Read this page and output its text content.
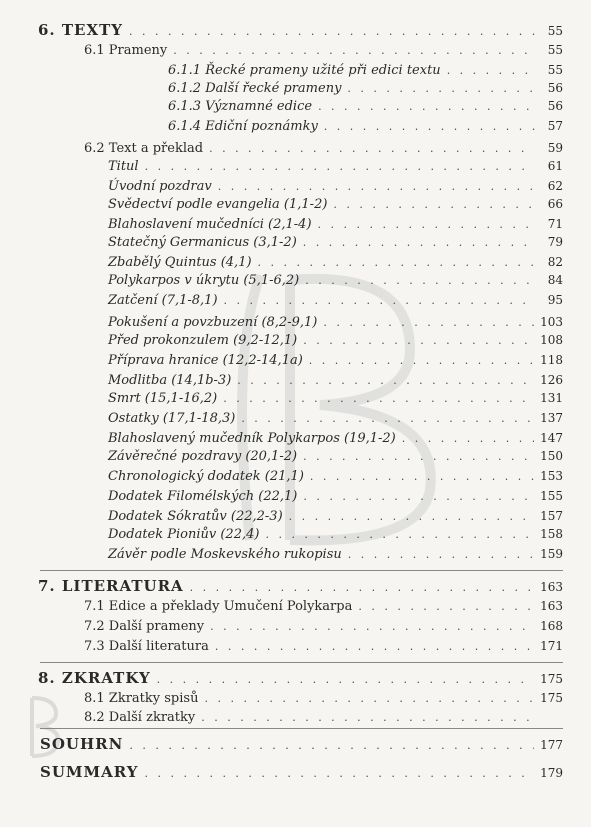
6. TEXTY . . .	55
6.1 Prameny . . .	55
6.1.1 Řecké prameny užité při edici textu . . .	55
6.1.2 Další řecké prameny . . .	56
6.1.3 Významné edice . . .	56
6.1.4 Ediční poznámky . . .	57
6.2 Text a překlad . . .	59
Titul . . .	61
Úvodní pozdrav . . .	62
Svědectví podle evangelia (1,1-2) . . .	66
Blahoslavení mučedníci (2,1-4) . . .	71
Statečný Germanicus (3,1-2) . . .	79
Zbabělý Quintus (4,1) . . .	82
Polykarpos v úkrytu (5,1-6,2) . . .	84
Zatčení (7,1-8,1) . . .	95
Pokušení a povzbuzení (8,2-9,1) . . .	103
Před prokonzulem (9,2-12,1) . . .	108
Příprava hranice (12,2-14,1a) . . .	118
Modlitba (14,1b-3) . . .	126
Smrt (15,1-16,2) . . .	131
Ostatky (17,1-18,3) . . .	137
Blahoslavený mučedník Polykarpos (19,1-2) . . .	147
Závěrečné pozdravy (20,1-2) . . .	150
Chronologický dodatek (21,1) . . .	153
Dodatek Filomélských (22,1) . . .	155
Dodatek Sókratův (22,2-3) . . .	157
Dodatek Pioniův (22,4) . . .	158
Závěr podle Moskevského rukopisu . . .	159
7. LITERATURA . . .	163
7.1 Edice a překlady Umučení Polykarpa . . .	163
7.2 Další prameny . . .	168
7.3 Další literatura . . .	171
8. ZKRATKY . . .	175
8.1 Zkratky spisů . . .	175
8.2 Další zkratky
. . .
SOUHRN . . .	177
SUMMARY . . .	179
